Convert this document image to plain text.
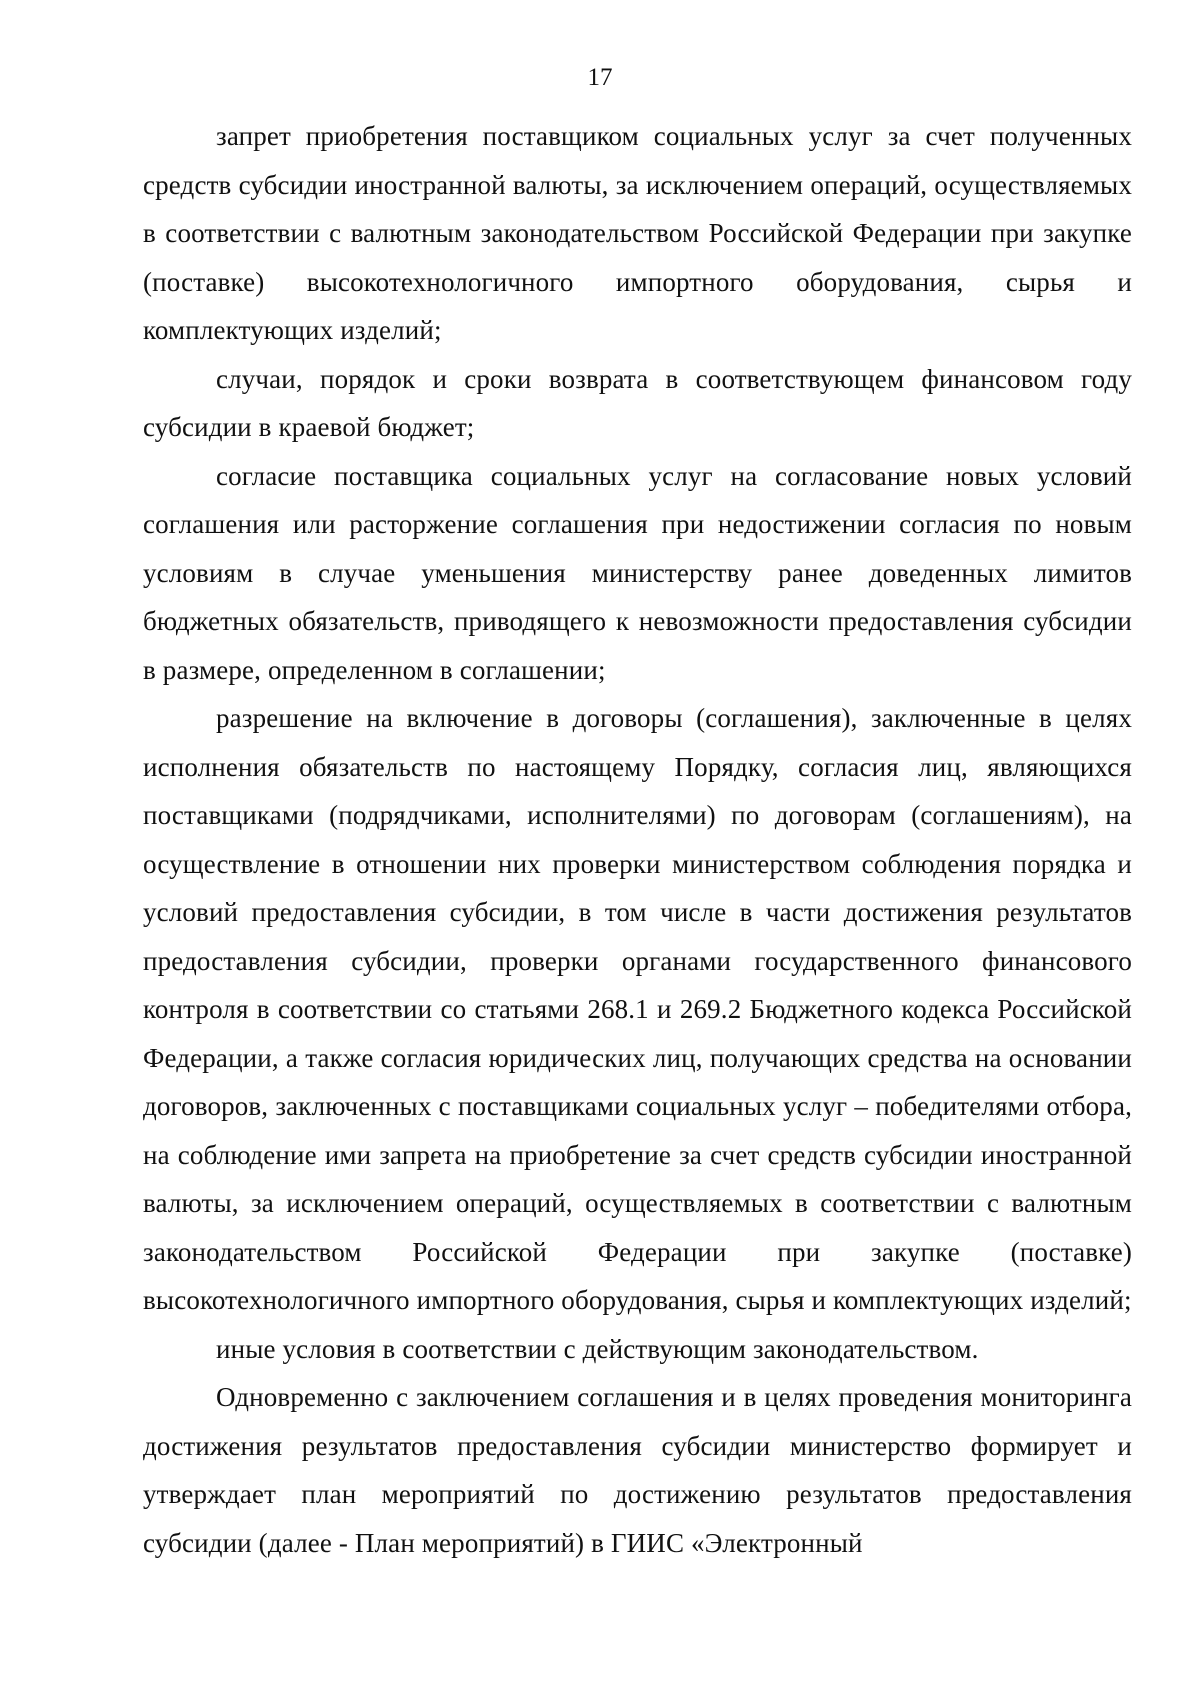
17

запрет приобретения поставщиком социальных услуг за счет полученных средств субсидии иностранной валюты, за исключением операций, осуществляемых в соответствии с валютным законодательством Российской Федерации при закупке (поставке) высокотехнологичного импортного оборудования, сырья и комплектующих изделий;

случаи, порядок и сроки возврата в соответствующем финансовом году субсидии в краевой бюджет;

согласие поставщика социальных услуг на согласование новых условий соглашения или расторжение соглашения при недостижении согласия по новым условиям в случае уменьшения министерству ранее доведенных лимитов бюджетных обязательств, приводящего к невозможности предоставления субсидии в размере, определенном в соглашении;

разрешение на включение в договоры (соглашения), заключенные в целях исполнения обязательств по настоящему Порядку, согласия лиц, являющихся поставщиками (подрядчиками, исполнителями) по договорам (соглашениям), на осуществление в отношении них проверки министерством соблюдения порядка и условий предоставления субсидии, в том числе в части достижения результатов предоставления субсидии, проверки органами государственного финансового контроля в соответствии со статьями 268.1 и 269.2 Бюджетного кодекса Российской Федерации, а также согласия юридических лиц, получающих средства на основании договоров, заключенных с поставщиками социальных услуг – победителями отбора, на соблюдение ими запрета на приобретение за счет средств субсидии иностранной валюты, за исключением операций, осуществляемых в соответствии с валютным законодательством Российской Федерации при закупке (поставке) высокотехнологичного импортного оборудования, сырья и комплектующих изделий;

иные условия в соответствии с действующим законодательством.

Одновременно с заключением соглашения и в целях проведения мониторинга достижения результатов предоставления субсидии министерство формирует и утверждает план мероприятий по достижению результатов предоставления субсидии (далее - План мероприятий) в ГИИС «Электронный
